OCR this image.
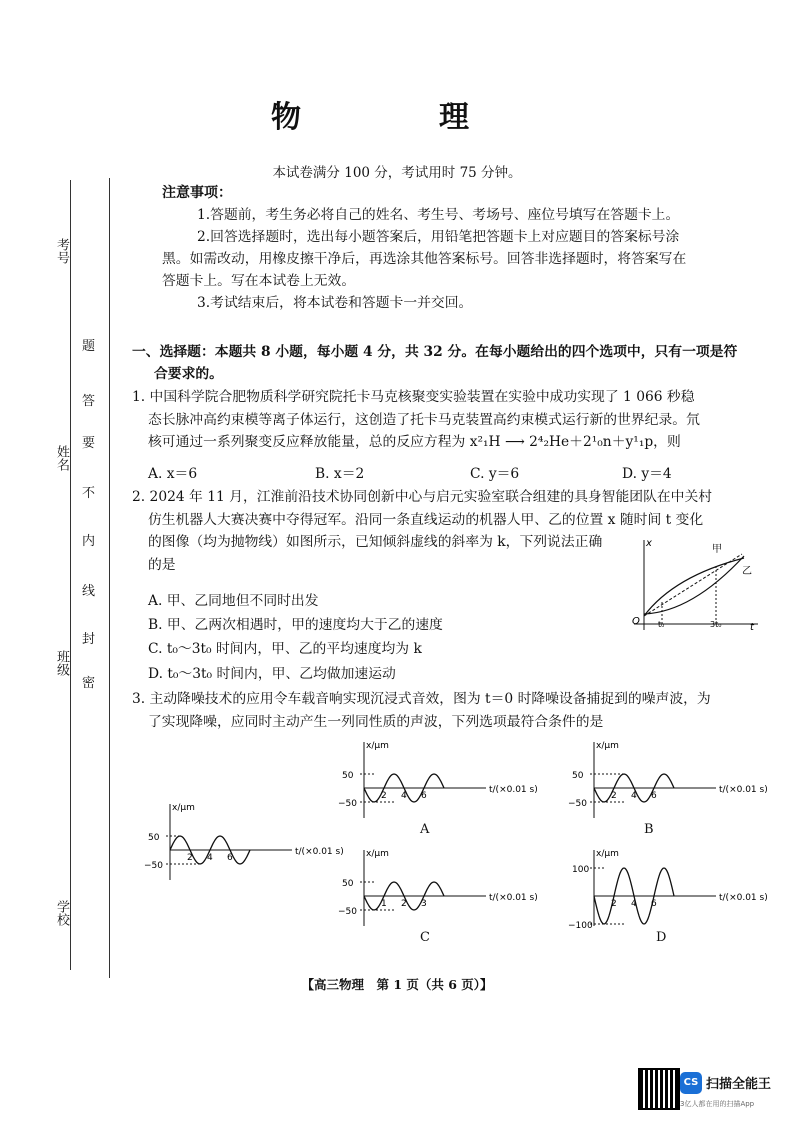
物　理
本试卷满分 100 分，考试用时 75 分钟。
考号
姓名
班级
学校
题
答
要
不
内
线
封
密
注意事项：
1.答题前，考生务必将自己的姓名、考生号、考场号、座位号填写在答题卡上。
2.回答选择题时，选出每小题答案后，用铅笔把答题卡上对应题目的答案标号涂
黑。如需改动，用橡皮擦干净后，再选涂其他答案标号。回答非选择题时，将答案写在
答题卡上。写在本试卷上无效。
3.考试结束后，将本试卷和答题卡一并交回。
一、选择题：本题共 8 小题，每小题 4 分，共 32 分。在每小题给出的四个选项中，只有一项是符
合要求的。
1. 中国科学院合肥物质科学研究院托卡马克核聚变实验装置在实验中成功实现了 1 066 秒稳
态长脉冲高约束模等离子体运行，这创造了托卡马克装置高约束模式运行新的世界纪录。氘
核可通过一系列聚变反应释放能量，总的反应方程为 x²₁H ⟶ 2⁴₂He＋2¹₀n＋y¹₁p，则
A. x＝6	B. x＝2	C. y＝6	D. y＝4
2. 2024 年 11 月，江淮前沿技术协同创新中心与启元实验室联合组建的具身智能团队在中关村
仿生机器人大赛决赛中夺得冠军。沿同一条直线运动的机器人甲、乙的位置 x 随时间 t 变化
的图像（均为抛物线）如图所示，已知倾斜虚线的斜率为 k，下列说法正确
的是
A. 甲、乙同地但不同时出发
B. 甲、乙两次相遇时，甲的速度均大于乙的速度
C. t₀～3t₀ 时间内，甲、乙的平均速度均为 k
D. t₀～3t₀ 时间内，甲、乙均做加速运动
x
t
O t₀	3t₀
甲
乙
3. 主动降噪技术的应用令车载音响实现沉浸式音效，图为 t＝0 时降噪设备捕捉到的噪声波，为
了实现降噪，应同时主动产生一列同性质的声波，下列选项最符合条件的是
x/μm
t/(×0.01 s)
50
−50
2 4 6
x/μm
t/(×0.01 s)
50
−50
2 4 6
A
x/μm
t/(×0.01 s)
50
−50
2 4 6
B
x/μm
t/(×0.01 s)
50
−50
1 2 3
C
x/μm
t/(×0.01 s)
100
−100
2 4 6
D
【高三物理　第 1 页（共 6 页）】
CS 扫描全能王
3亿人都在用的扫描App
